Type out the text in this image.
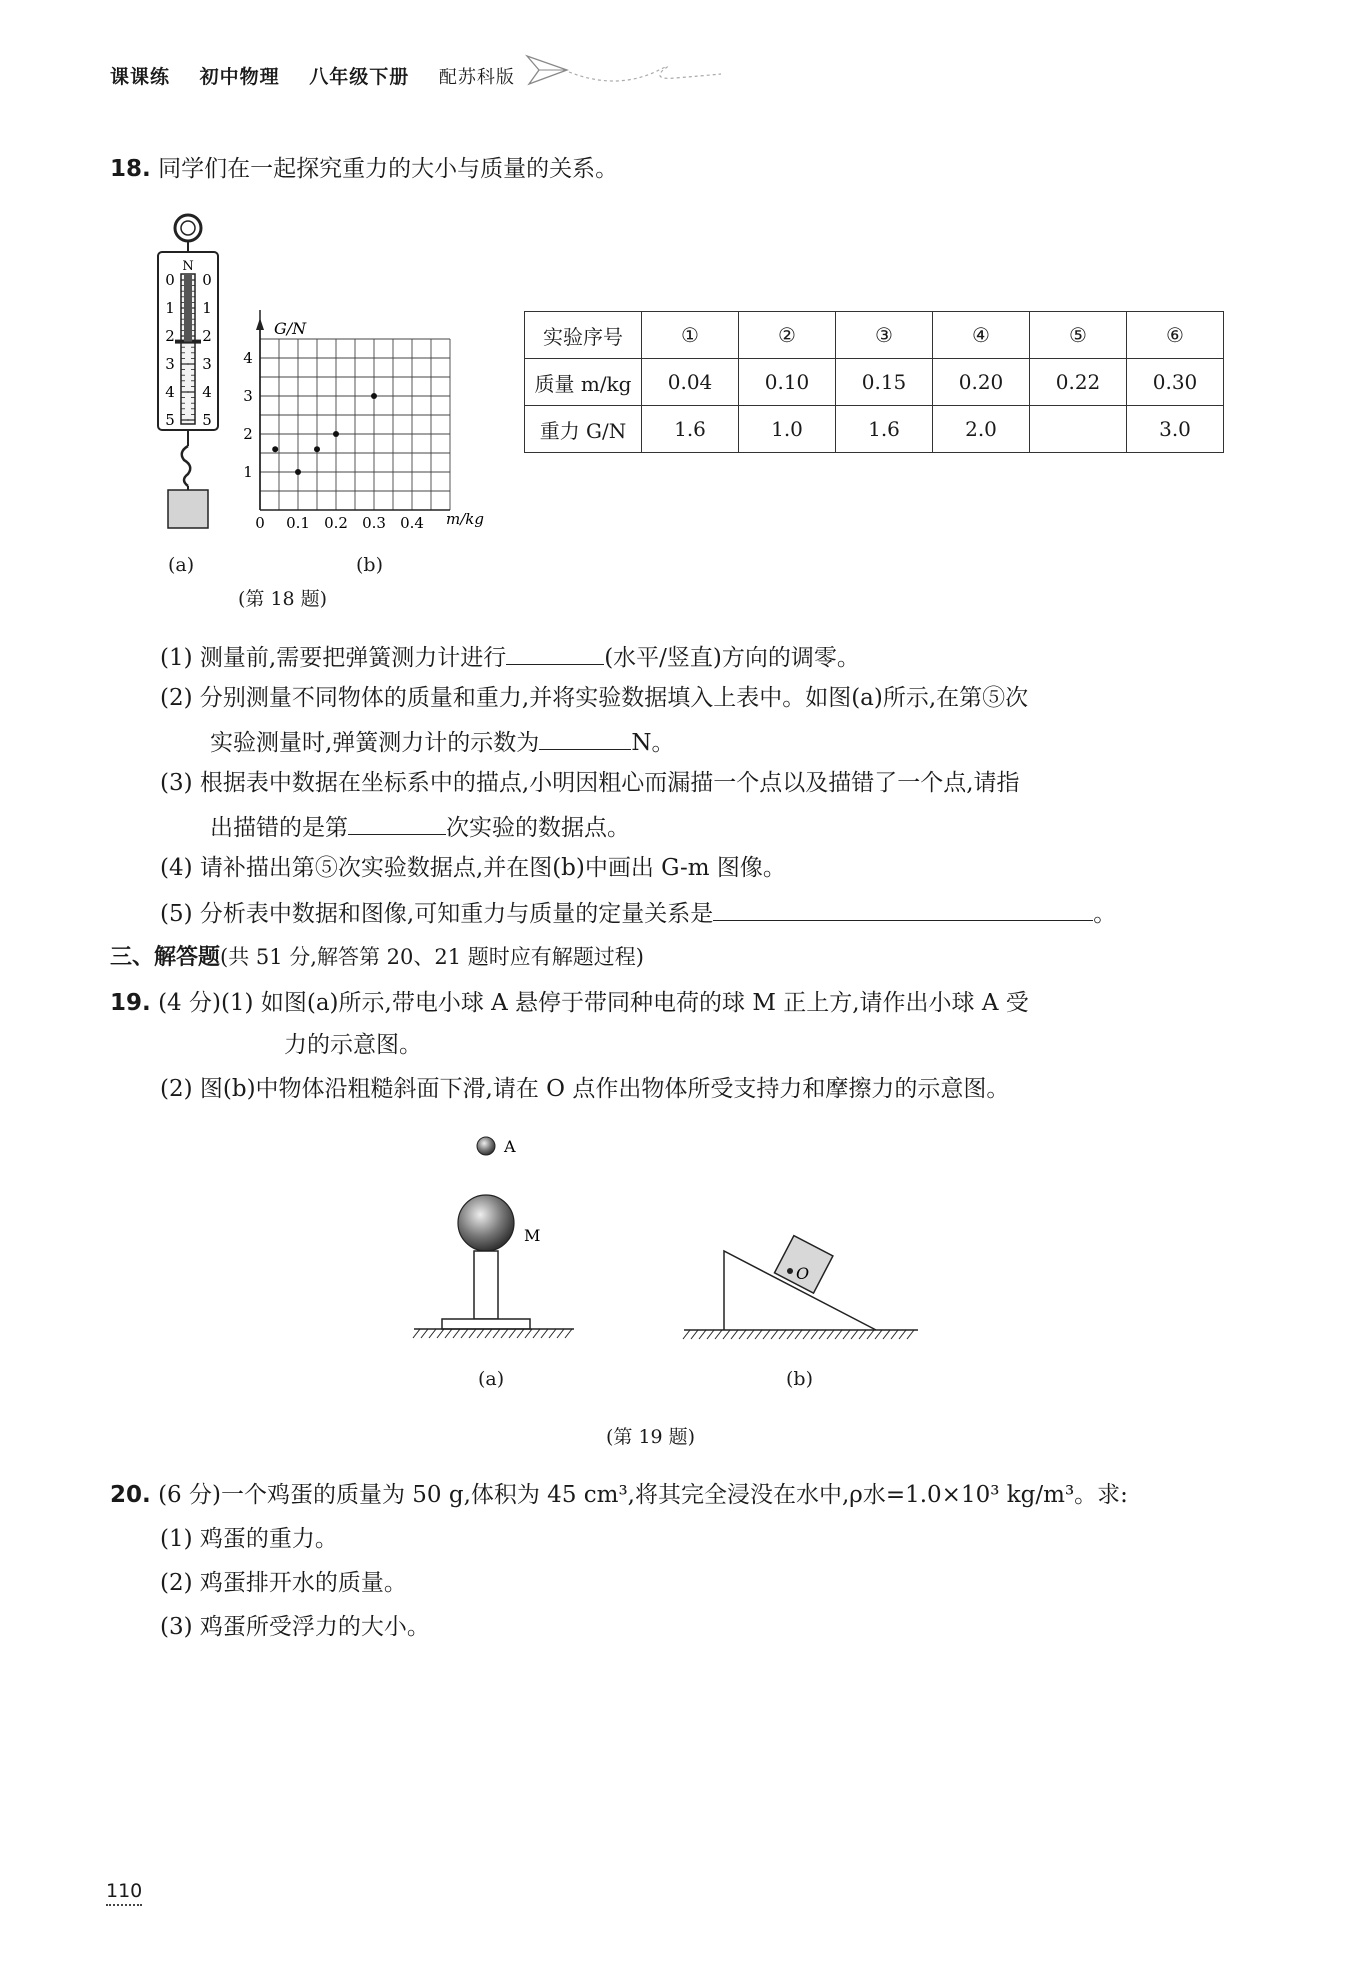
课课练 初中物理 八年级下册 配苏科版
18. 同学们在一起探究重力的大小与质量的关系。
N
0 0
1 1
2 2
3 3
4 4
5 5
G/N
1
2
3
4
0 0.1 0.2 0.3 0.4 m/kg
(a)	(b)
(第 18 题)
实验序号	①	②	③	④	⑤	⑥
质量 m/kg	0.04	0.10	0.15	0.20	0.22	0.30
重力 G/N	1.6	1.0	1.6	2.0		3.0
(1) 测量前,需要把弹簧测力计进行	(水平/竖直)方向的调零。
(2) 分别测量不同物体的质量和重力,并将实验数据填入上表中。如图(a)所示,在第⑤次
实验测量时,弹簧测力计的示数为	N。
(3) 根据表中数据在坐标系中的描点,小明因粗心而漏描一个点以及描错了一个点,请指
出描错的是第	次实验的数据点。
(4) 请补描出第⑤次实验数据点,并在图(b)中画出 G-m 图像。
(5) 分析表中数据和图像,可知重力与质量的定量关系是	。
三、解答题(共 51 分,解答第 20、21 题时应有解题过程)
19. (4 分)(1) 如图(a)所示,带电小球 A 悬停于带同种电荷的球 M 正上方,请作出小球 A 受
力的示意图。
(2) 图(b)中物体沿粗糙斜面下滑,请在 O 点作出物体所受支持力和摩擦力的示意图。
A
M
(a)
O
(b)
(第 19 题)
20. (6 分)一个鸡蛋的质量为 50 g,体积为 45 cm³,将其完全浸没在水中,ρ水=1.0×10³ kg/m³。求:
(1) 鸡蛋的重力。
(2) 鸡蛋排开水的质量。
(3) 鸡蛋所受浮力的大小。
110
